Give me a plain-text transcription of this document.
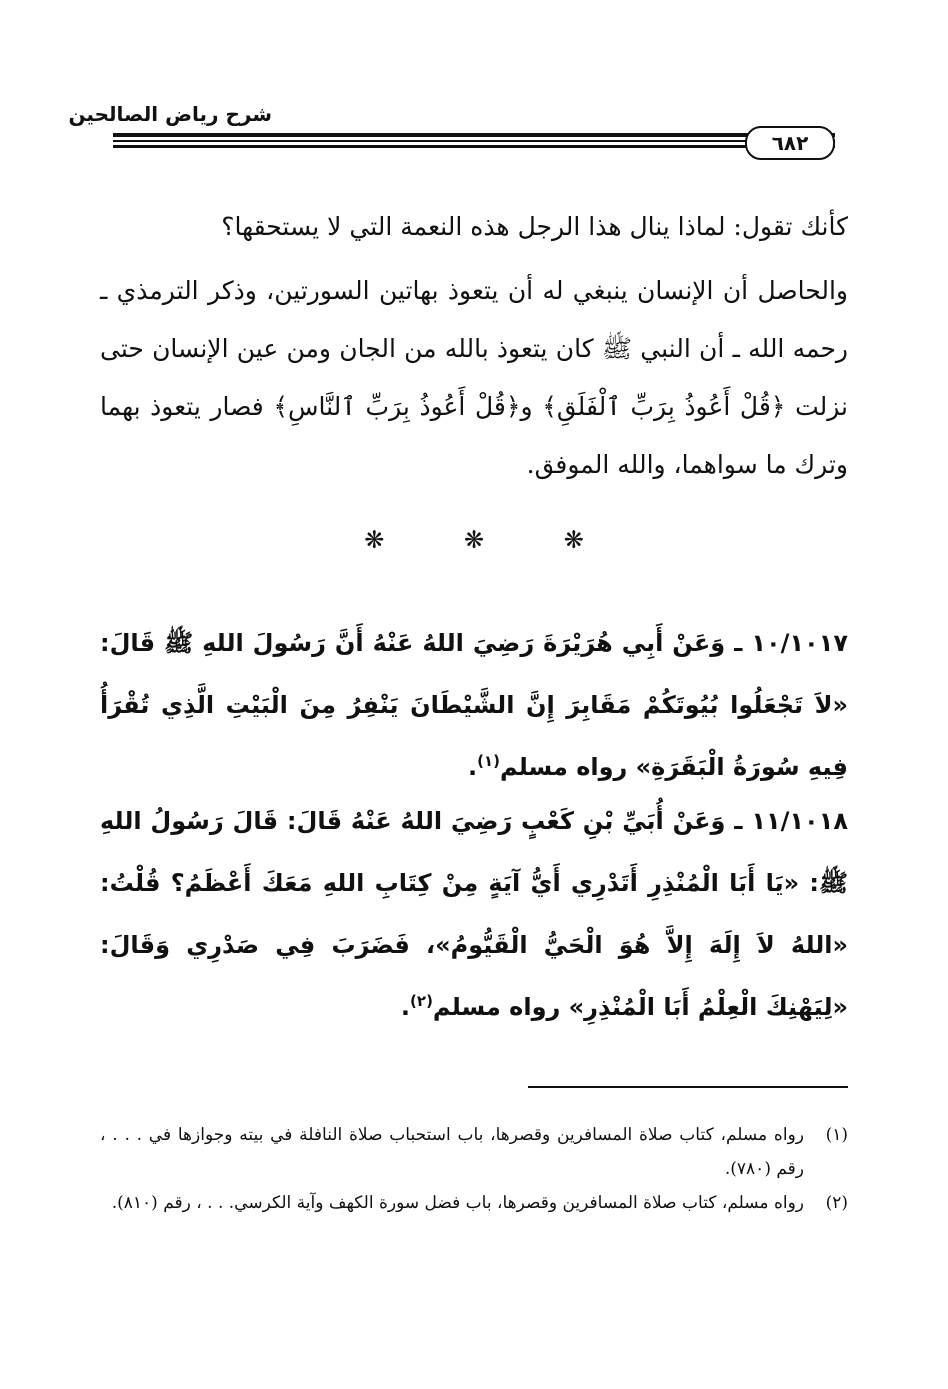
شرح رياض الصالحين
٦٨٢

كأنك تقول: لماذا ينال هذا الرجل هذه النعمة التي لا يستحقها؟

والحاصل أن الإنسان ينبغي له أن يتعوذ بهاتين السورتين، وذكر الترمذي ـ رحمه الله ـ أن النبي ﷺ كان يتعوذ بالله من الجان ومن عين الإنسان حتى نزلت ﴿قُلْ أَعُوذُ بِرَبِّ ٱلْفَلَقِ﴾ و﴿قُلْ أَعُوذُ بِرَبِّ ٱلنَّاسِ﴾ فصار يتعوذ بهما وترك ما سواهما، والله الموفق.

❋	❋	❋

١٠/١٠١٧ ـ وَعَنْ أَبِي هُرَيْرَةَ رَضِيَ اللهُ عَنْهُ أَنَّ رَسُولَ اللهِ ﷺ قَالَ: «لاَ تَجْعَلُوا بُيُوتَكُمْ مَقَابِرَ إِنَّ الشَّيْطَانَ يَنْفِرُ مِنَ الْبَيْتِ الَّذِي تُقْرَأُ فِيهِ سُورَةُ الْبَقَرَةِ» رواه مسلم$^{(١)}$.

١١/١٠١٨ ـ وَعَنْ أُبَيِّ بْنِ كَعْبٍ رَضِيَ اللهُ عَنْهُ قَالَ: قَالَ رَسُولُ اللهِ ﷺ: «يَا أَبَا الْمُنْذِرِ أَتَدْرِي أَيُّ آيَةٍ مِنْ كِتَابِ اللهِ مَعَكَ أَعْظَمُ؟ قُلْتُ: «اللهُ لاَ إِلَهَ إِلاَّ هُوَ الْحَيُّ الْقَيُّومُ»، فَضَرَبَ فِي صَدْرِي وَقَالَ: «لِيَهْنِكَ الْعِلْمُ أَبَا الْمُنْذِرِ» رواه مسلم$^{(٢)}$.

(١)
رواه مسلم، كتاب صلاة المسافرين وقصرها، باب استحباب صلاة النافلة في بيته وجوازها في . . . ، رقم (٧٨٠).
(٢)
رواه مسلم، كتاب صلاة المسافرين وقصرها، باب فضل سورة الكهف وآية الكرسي. . . ، رقم (٨١٠).
